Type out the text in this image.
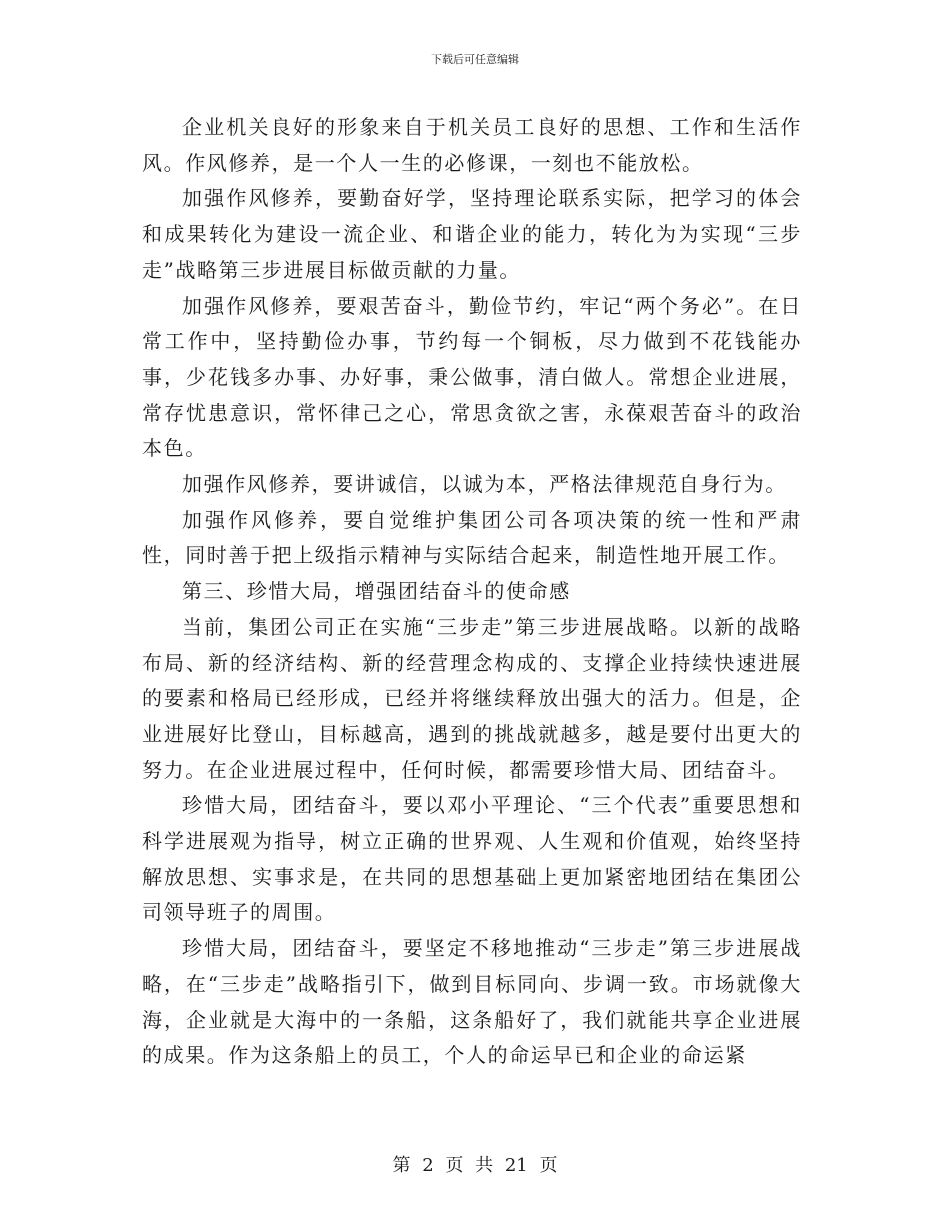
下载后可任意编辑

企业机关良好的形象来自于机关员工良好的思想、工作和生活作风。作风修养，是一个人一生的必修课，一刻也不能放松。

加强作风修养，要勤奋好学，坚持理论联系实际，把学习的体会和成果转化为建设一流企业、和谐企业的能力，转化为为实现“三步走”战略第三步进展目标做贡献的力量。

加强作风修养，要艰苦奋斗，勤俭节约，牢记“两个务必”。在日常工作中，坚持勤俭办事，节约每一个铜板，尽力做到不花钱能办事，少花钱多办事、办好事，秉公做事，清白做人。常想企业进展，常存忧患意识，常怀律己之心，常思贪欲之害，永葆艰苦奋斗的政治本色。

加强作风修养，要讲诚信，以诚为本，严格法律规范自身行为。

加强作风修养，要自觉维护集团公司各项决策的统一性和严肃性，同时善于把上级指示精神与实际结合起来，制造性地开展工作。

第三、珍惜大局，增强团结奋斗的使命感

当前，集团公司正在实施“三步走”第三步进展战略。以新的战略布局、新的经济结构、新的经营理念构成的、支撑企业持续快速进展的要素和格局已经形成，已经并将继续释放出强大的活力。但是，企业进展好比登山，目标越高，遇到的挑战就越多，越是要付出更大的努力。在企业进展过程中，任何时候，都需要珍惜大局、团结奋斗。

珍惜大局，团结奋斗，要以邓小平理论、“三个代表”重要思想和科学进展观为指导，树立正确的世界观、人生观和价值观，始终坚持解放思想、实事求是，在共同的思想基础上更加紧密地团结在集团公司领导班子的周围。

珍惜大局，团结奋斗，要坚定不移地推动“三步走”第三步进展战略，在“三步走”战略指引下，做到目标同向、步调一致。市场就像大海，企业就是大海中的一条船，这条船好了，我们就能共享企业进展的成果。作为这条船上的员工，个人的命运早已和企业的命运紧

第 2 页 共 21 页
